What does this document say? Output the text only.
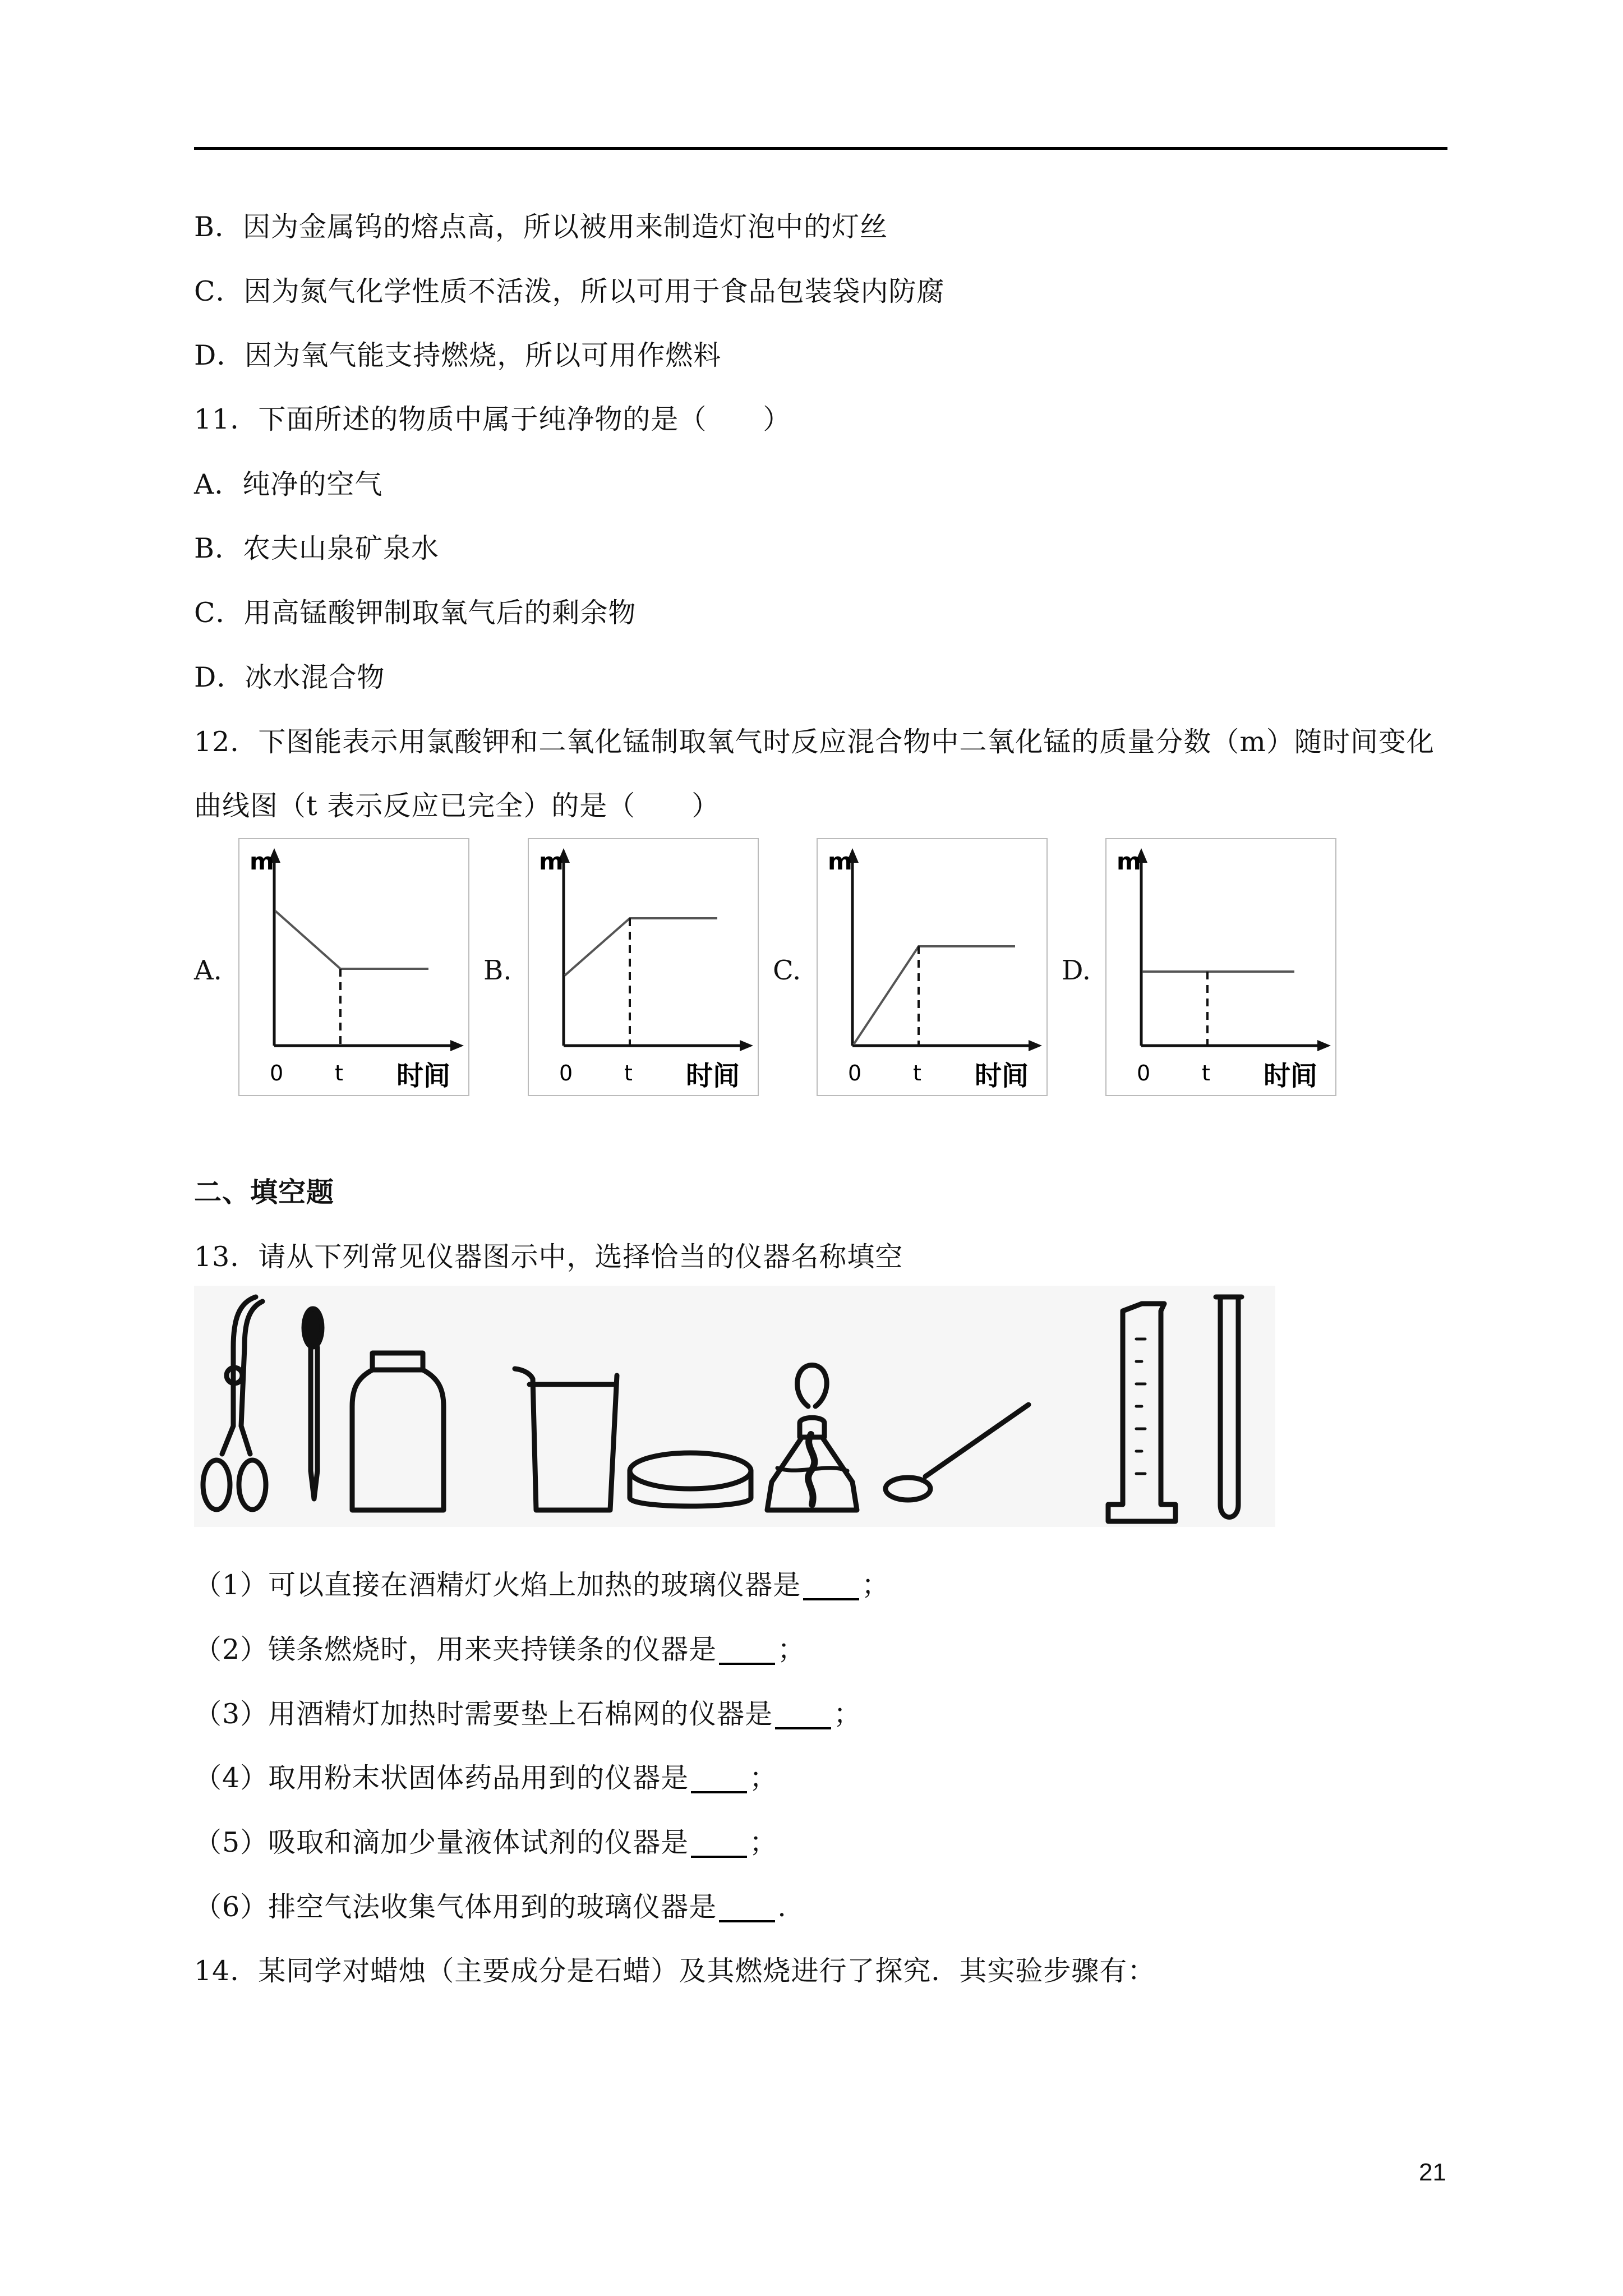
B．因为金属钨的熔点高，所以被用来制造灯泡中的灯丝
C．因为氮气化学性质不活泼，所以可用于食品包装袋内防腐
D．因为氧气能支持燃烧，所以可用作燃料
11．下面所述的物质中属于纯净物的是（　　）
A．纯净的空气
B．农夫山泉矿泉水
C．用高锰酸钾制取氧气后的剩余物
D．冰水混合物
12．下图能表示用氯酸钾和二氧化锰制取氧气时反应混合物中二氧化锰的质量分数（m）随时间变化
曲线图（t 表示反应已完全）的是（　　）
A.	B.	C.	D.
m
0 t 时间
m
0 t 时间
m
0 t 时间
m
0 t 时间
二、填空题
13．请从下列常见仪器图示中，选择恰当的仪器名称填空
（1）可以直接在酒精灯火焰上加热的玻璃仪器是　　 ；
（2）镁条燃烧时，用来夹持镁条的仪器是　　 ；
（3）用酒精灯加热时需要垫上石棉网的仪器是　　 ；
（4）取用粉末状固体药品用到的仪器是　　 ；
（5）吸取和滴加少量液体试剂的仪器是　　 ；
（6）排空气法收集气体用到的玻璃仪器是　　 .
14．某同学对蜡烛（主要成分是石蜡）及其燃烧进行了探究．其实验步骤有：
21
